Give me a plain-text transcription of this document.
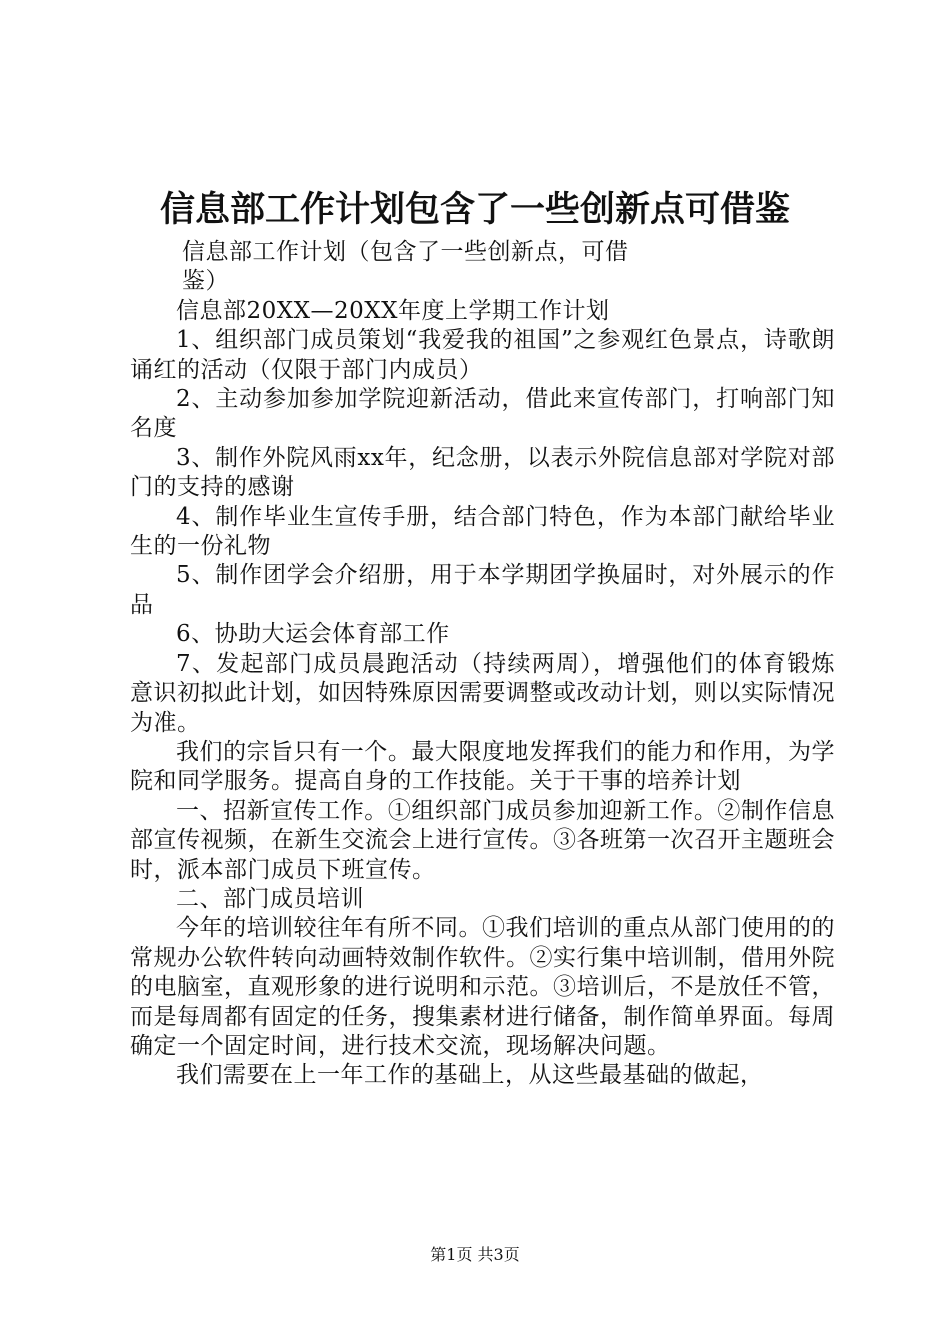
信息部工作计划包含了一些创新点可借鉴

信息部工作计划（包含了一些创新点，可借

鉴）

信息部20XX—20XX年度上学期工作计划

1、组织部门成员策划“我爱我的祖国”之参观红色景点，诗歌朗诵红的活动（仅限于部门内成员）

2、主动参加参加学院迎新活动，借此来宣传部门，打响部门知名度

3、制作外院风雨xx年，纪念册，以表示外院信息部对学院对部门的支持的感谢

4、制作毕业生宣传手册，结合部门特色，作为本部门献给毕业生的一份礼物

5、制作团学会介绍册，用于本学期团学换届时，对外展示的作品

6、协助大运会体育部工作

7、发起部门成员晨跑活动（持续两周），增强他们的体育锻炼意识初拟此计划，如因特殊原因需要调整或改动计划，则以实际情况为准。

我们的宗旨只有一个。最大限度地发挥我们的能力和作用，为学院和同学服务。提高自身的工作技能。关于干事的培养计划

一、招新宣传工作。①组织部门成员参加迎新工作。②制作信息部宣传视频，在新生交流会上进行宣传。③各班第一次召开主题班会时，派本部门成员下班宣传。

二、部门成员培训

今年的培训较往年有所不同。①我们培训的重点从部门使用的的常规办公软件转向动画特效制作软件。②实行集中培训制，借用外院的电脑室，直观形象的进行说明和示范。③培训后，不是放任不管，而是每周都有固定的任务，搜集素材进行储备，制作简单界面。每周确定一个固定时间，进行技术交流，现场解决问题。

我们需要在上一年工作的基础上，从这些最基础的做起，

第1页 共3页
